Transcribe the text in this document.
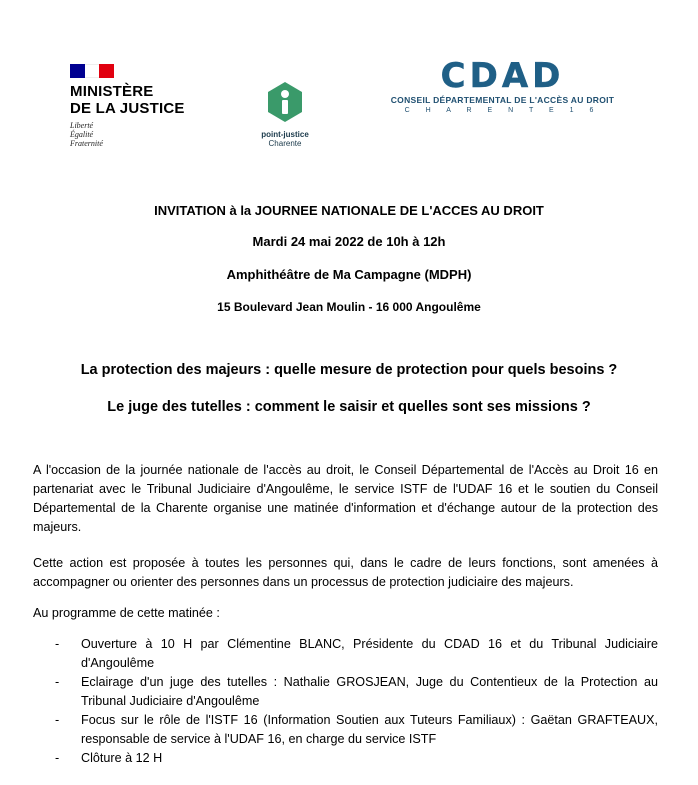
MINISTÈRE
DE LA JUSTICE
Liberté
Égalité
Fraternité
point-justice
Charente
CDAD
CONSEIL DÉPARTEMENTAL DE L'ACCÈS AU DROIT
C H A R E N T E 1 6
INVITATION à la JOURNEE NATIONALE DE L'ACCES AU DROIT
Mardi 24 mai 2022 de 10h à 12h
Amphithéâtre de Ma Campagne (MDPH)
15 Boulevard Jean Moulin - 16 000 Angoulême
La protection des majeurs : quelle mesure de protection pour quels besoins ?
Le juge des tutelles : comment le saisir et quelles sont ses missions ?
A l'occasion de la journée nationale de l'accès au droit, le Conseil Départemental de l'Accès au Droit 16 en partenariat avec le Tribunal Judiciaire d'Angoulême, le service ISTF de l'UDAF 16 et le soutien du Conseil Départemental de la Charente organise une matinée d'information et d'échange autour de la protection des majeurs.
Cette action est proposée à toutes les personnes qui, dans le cadre de leurs fonctions, sont amenées à accompagner ou orienter des personnes dans un processus de protection judiciaire des majeurs.
Au programme de cette matinée :
-	Ouverture à 10 H par Clémentine BLANC, Présidente du CDAD 16 et du Tribunal Judiciaire d'Angoulême
-	Eclairage d'un juge des tutelles : Nathalie GROSJEAN, Juge du Contentieux de la Protection au Tribunal Judiciaire d'Angoulême
-	Focus sur le rôle de l'ISTF 16 (Information Soutien aux Tuteurs Familiaux) : Gaëtan GRAFTEAUX, responsable de service à l'UDAF 16, en charge du service ISTF
-	Clôture à 12 H
